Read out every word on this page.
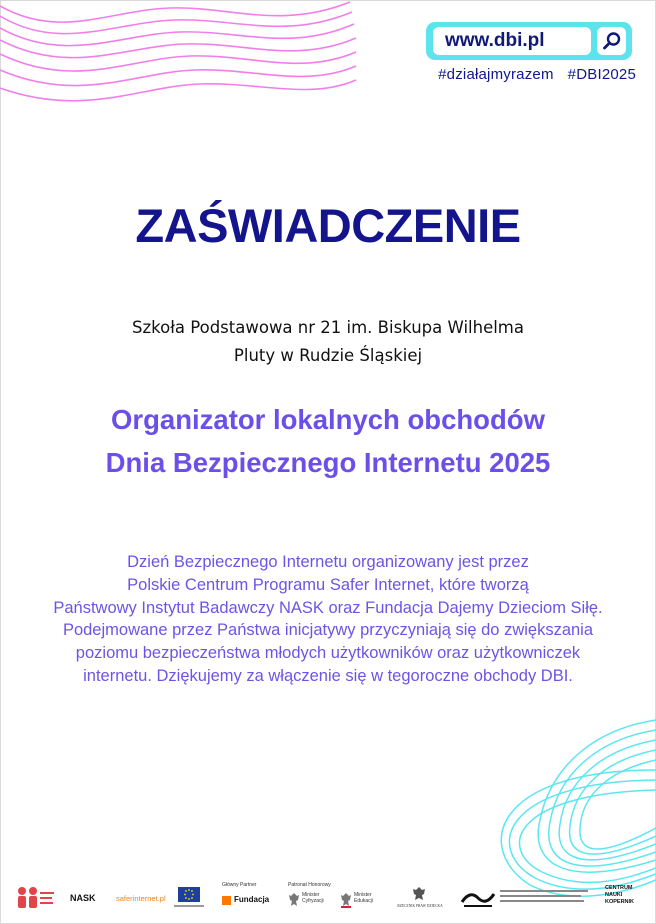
www.dbi.pl
#działajmyrazem #DBI2025
ZAŚWIADCZENIE
Szkoła Podstawowa nr 21 im. Biskupa Wilhelma
Pluty w Rudzie Śląskiej
Organizator lokalnych obchodów
Dnia Bezpiecznego Internetu 2025
Dzień Bezpiecznego Internetu organizowany jest przez
Polskie Centrum Programu Safer Internet, które tworzą
Państwowy Instytut Badawczy NASK oraz Fundacja Dajemy Dzieciom Siłę.
Podejmowane przez Państwa inicjatywy przyczyniają się do zwiększania
poziomu bezpieczeństwa młodych użytkowników oraz użytkowniczek
internetu. Dziękujemy za włączenie się w tegoroczne obchody DBI.
NASK	saferinternet.pl
Główny Partner
Fundacja
Patronat Honorowy
Minister Cyfryzacji
Minister Edukacji
RZECZNIK PRAW DZIECKA
CENTRUM NAUKI KOPERNIK
